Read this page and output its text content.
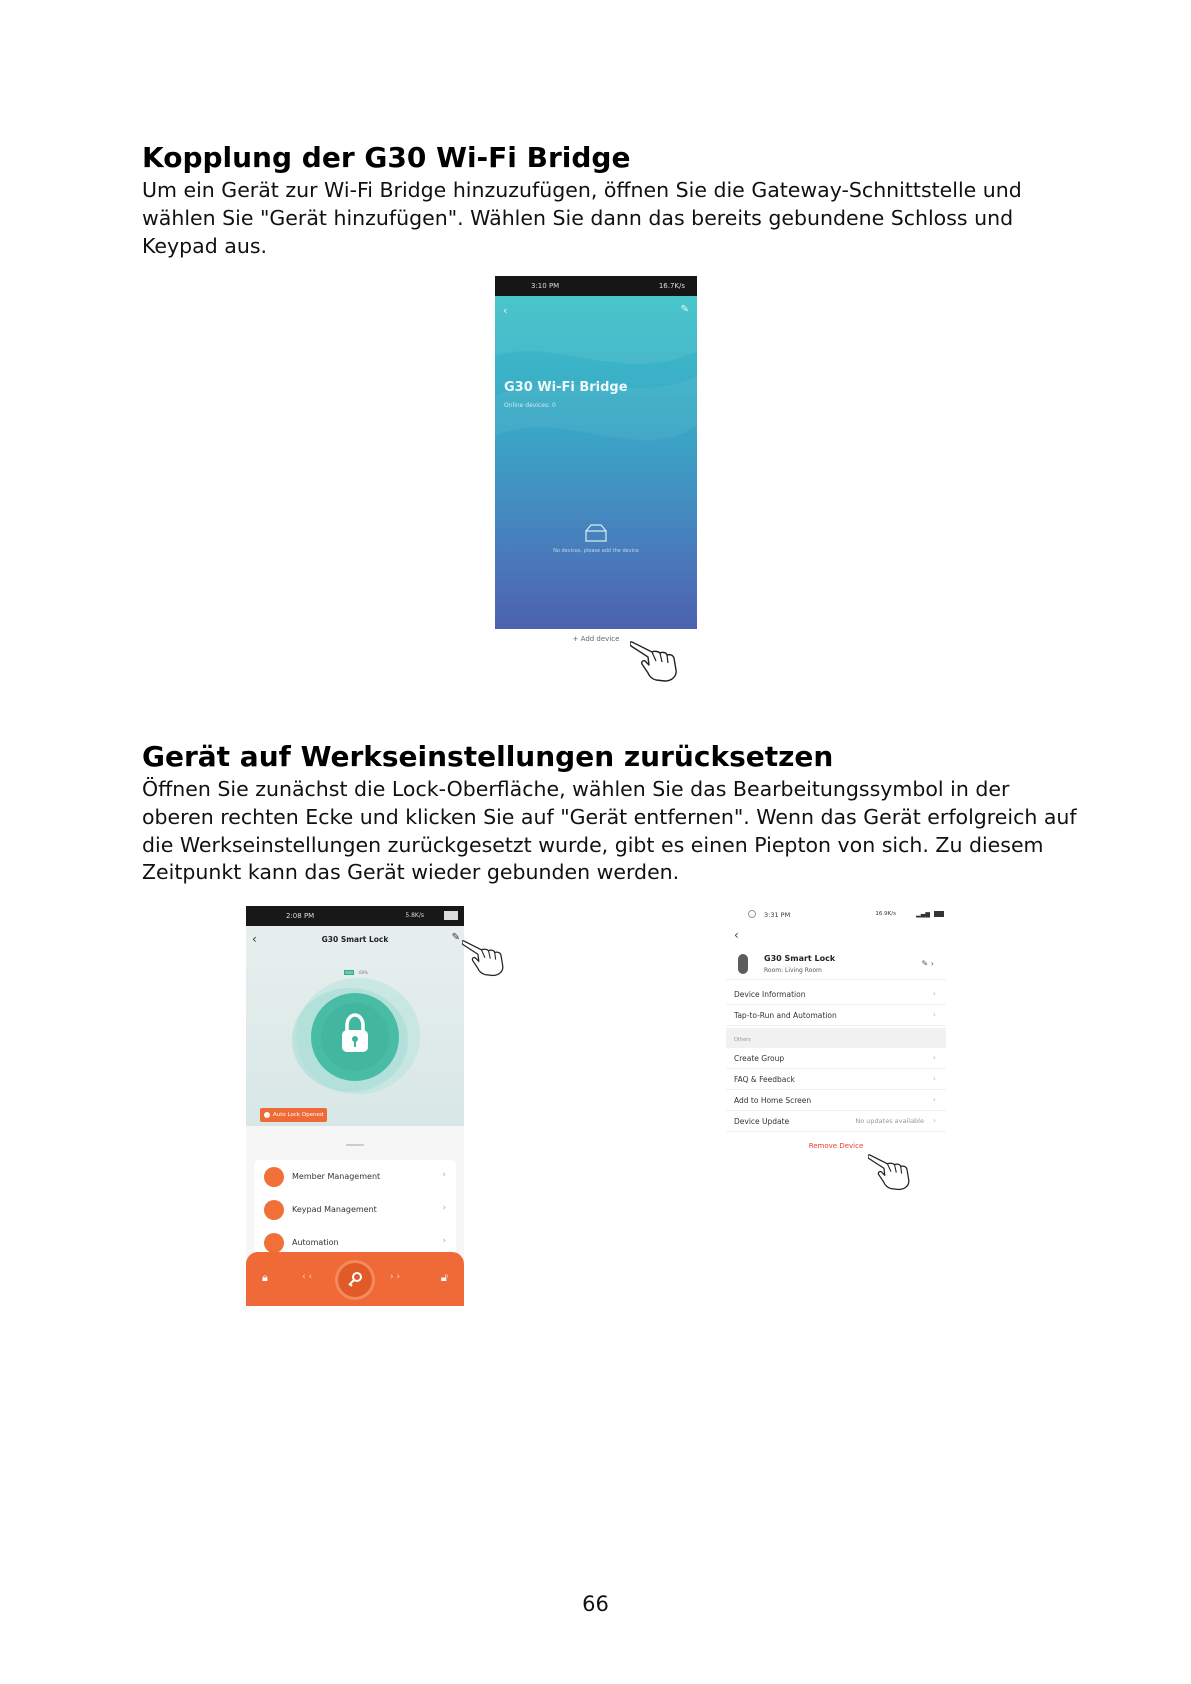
Kopplung der G30 Wi-Fi Bridge
Um ein Gerät zur Wi-Fi Bridge hinzuzufügen, öffnen Sie die Gateway-Schnittstelle und
wählen Sie "Gerät hinzufügen". Wählen Sie dann das bereits gebundene Schloss und
Keypad aus.
3:10 PM	16.7K/s
‹	✎
G30 Wi-Fi Bridge
Online devices: 0
No devices, please add the device
+ Add device
Gerät auf Werkseinstellungen zurücksetzen
Öffnen Sie zunächst die Lock-Oberfläche, wählen Sie das Bearbeitungssymbol in der
oberen rechten Ecke und klicken Sie auf "Gerät entfernen". Wenn das Gerät erfolgreich auf
die Werkseinstellungen zurückgesetzt wurde, gibt es einen Piepton von sich. Zu diesem
Zeitpunkt kann das Gerät wieder gebunden werden.
2:08 PM	5.8K/s
‹	G30 Smart Lock	✎
60%
Auto Lock Opened
Member Management	›
Keypad Management	›
Automation	›
🔒︎	‹ ‹	› ›	🔓︎
3:31 PM	16.9K/s	▂▄▆
‹
G30 Smart Lock
Room: Living Room
✎ ›
Device Information	›
Tap-to-Run and Automation	›
Others
Create Group	›
FAQ & Feedback	›
Add to Home Screen	›
Device Update	No updates available ›
Remove Device
66
